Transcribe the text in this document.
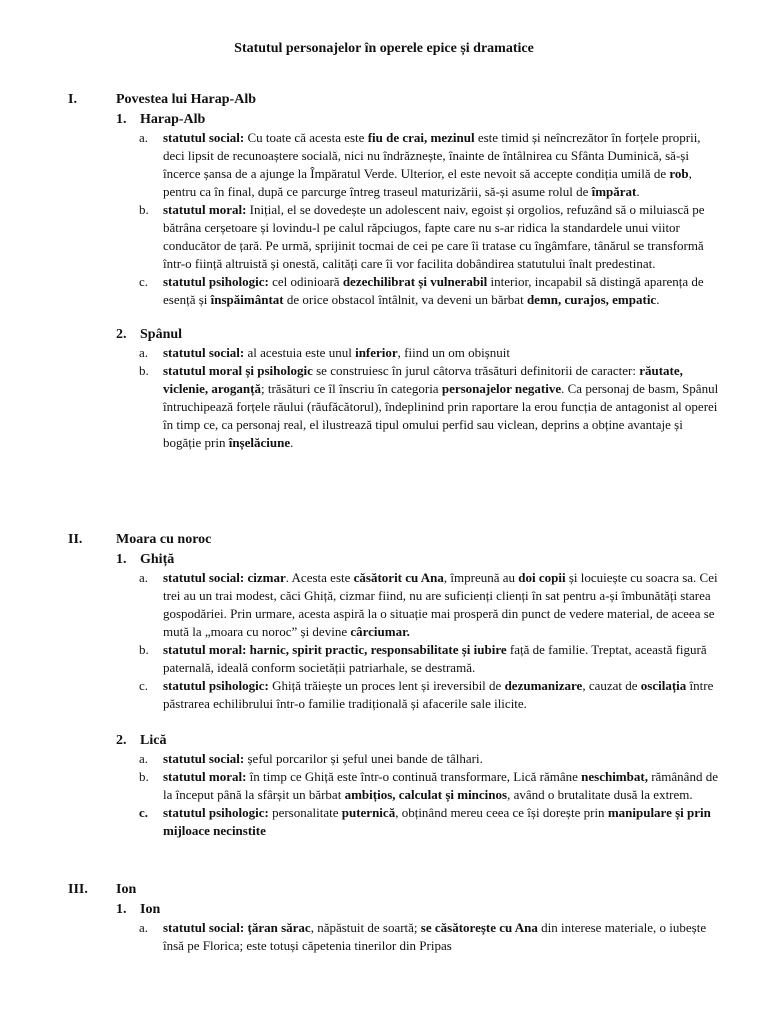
Statutul personajelor în operele epice și dramatice
I.	Povestea lui Harap-Alb
1. Harap-Alb
a. statutul social: Cu toate că acesta este fiu de crai, mezinul este timid și neîncrezător în forțele proprii, deci lipsit de recunoaștere socială, nici nu îndrăznește, înainte de întâlnirea cu Sfânta Duminică, să-și încerce șansa de a ajunge la Împăratul Verde. Ulterior, el este nevoit să accepte condiția umilă de rob, pentru ca în final, după ce parcurge întreg traseul maturizării, să-și asume rolul de împărat.

b. statutul moral: Inițial, el se dovedește un adolescent naiv, egoist și orgolios, refuzând să o miluiască pe bătrâna cerșetoare și lovindu-l pe calul răpciugos, fapte care nu s-ar ridica la standardele unui viitor conducător de țară. Pe urmă, sprijinit tocmai de cei pe care îi tratase cu îngâmfare, tânărul se transformă într-o ființă altruistă și onestă, calități care îi vor facilita dobândirea statutului înalt predestinat.

c. statutul psihologic: cel odinioară dezechilibrat și vulnerabil interior, incapabil să distingă aparența de esență și înspăimântat de orice obstacol întâlnit, va deveni un bărbat demn, curajos, empatic.

2. Spânul
a. statutul social: al acestuia este unul inferior, fiind un om obișnuit

b. statutul moral și psihologic se construiesc în jurul câtorva trăsături definitorii de caracter: răutate, viclenie, aroganță; trăsături ce îl înscriu în categoria personajelor negative. Ca personaj de basm, Spânul întruchipează forțele răului (răufăcătorul), îndeplinind prin raportare la erou funcția de antagonist al operei în timp ce, ca personaj real, el ilustrează tipul omului perfid sau viclean, deprins a obține avantaje și bogăție prin înșelăciune.

II. Moara cu noroc
1. Ghiță
a. statutul social: cizmar. Acesta este căsătorit cu Ana, împreună au doi copii și locuiește cu soacra sa. Cei trei au un trai modest, căci Ghiță, cizmar fiind, nu are suficienți clienți în sat pentru a-și îmbunătăți starea gospodăriei. Prin urmare, acesta aspiră la o situație mai prosperă din punct de vedere material, de aceea se mută la „moara cu noroc” și devine cârciumar.

b. statutul moral: harnic, spirit practic, responsabilitate și iubire față de familie. Treptat, această figură paternală, ideală conform societății patriarhale, se destramă.

c. statutul psihologic: Ghiță trăiește un proces lent și ireversibil de dezumanizare, cauzat de oscilația între păstrarea echilibrului într-o familie tradițională și afacerile sale ilicite.

2. Lică
a. statutul social: șeful porcarilor și șeful unei bande de tâlhari.

b. statutul moral: în timp ce Ghiță este într-o continuă transformare, Lică rămâne neschimbat, rămânând de la început până la sfârșit un bărbat ambițios, calculat și mincinos, având o brutalitate dusă la extrem.

c. statutul psihologic: personalitate puternică, obținând mereu ceea ce își dorește prin manipulare și prin mijloace necinstite

III. Ion
1. Ion
a. statutul social: țăran sărac, năpăstuit de soartă; se căsătorește cu Ana din interese materiale, o iubește însă pe Florica; este totuși căpetenia tinerilor din Pripas
